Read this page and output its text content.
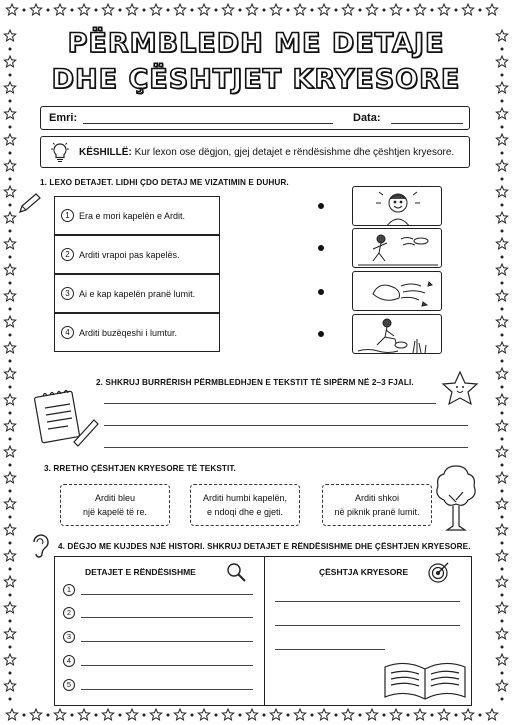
PËRMBLEDH ME DETAJE
DHE ÇËSHTJET KRYESORE
Emri:	Data:
KËSHILLË: Kur lexon ose dëgjon, gjej detajet e rëndësishme dhe çështjen kryesore.
1. LEXO DETAJET. LIDHI ÇDO DETAJ ME VIZATIMIN E DUHUR.
1	Era e mori kapelën e Ardit.
2	Arditi vrapoi pas kapelës.
3	Ai e kap kapelën pranë lumit.
4	Arditi buzëqeshi i lumtur.
2. SHKRUJ BURRËRISH PËRMBLEDHJEN E TEKSTIT TË SIPËRM NË 2–3 FJALI.
3. RRETHO ÇËSHTJEN KRYESORE TË TEKSTIT.
Arditi bleu
një kapelë të re.
Arditi humbi kapelën,
e ndoqi dhe e gjeti.
Arditi shkoi
në piknik pranë lumit.
4. DËGJO ME KUJDES NJË HISTORI. SHKRUJ DETAJET E RËNDËSISHME DHE ÇËSHTJEN KRYESORE.
DETAJET E RËNDËSISHME	ÇËSHTJA KRYESORE
1
2
3
4
5
